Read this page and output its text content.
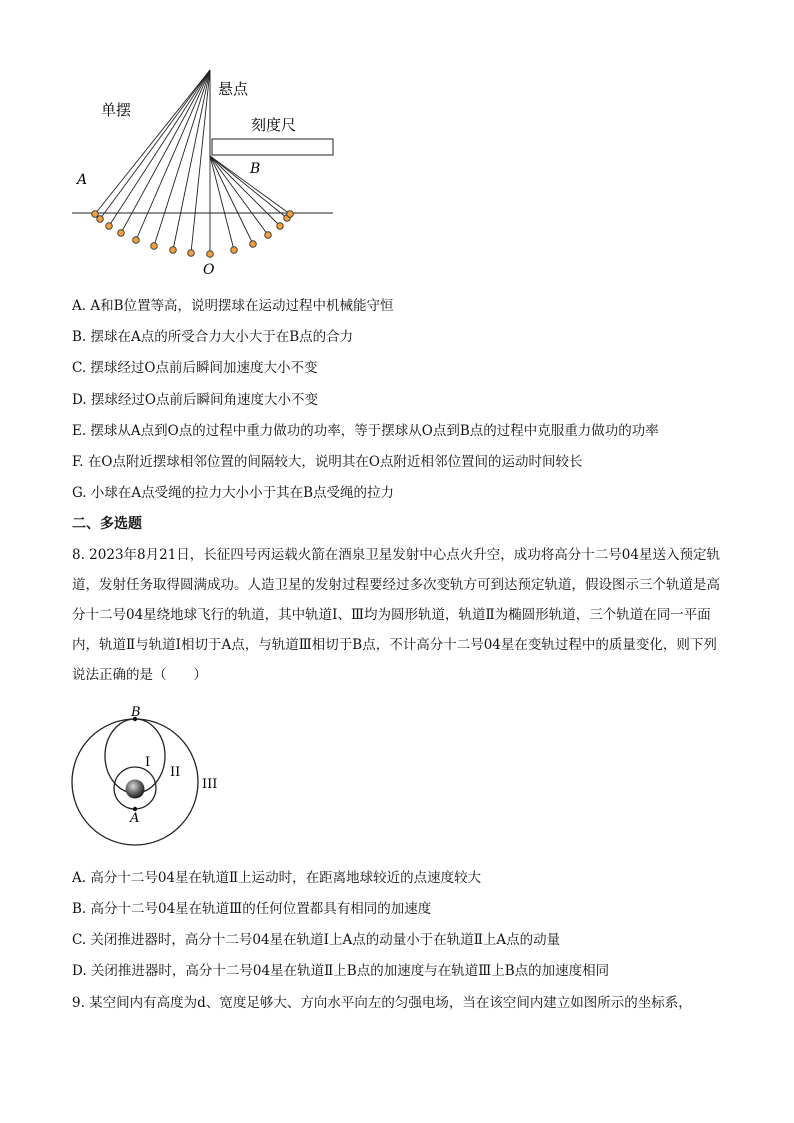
单摆
悬点
刻度尺
A
B
O
A. A和B位置等高，说明摆球在运动过程中机械能守恒
B. 摆球在A点的所受合力大小大于在B点的合力
C. 摆球经过O点前后瞬间加速度大小不变
D. 摆球经过O点前后瞬间角速度大小不变
E. 摆球从A点到O点的过程中重力做功的功率，等于摆球从O点到B点的过程中克服重力做功的功率
F. 在O点附近摆球相邻位置的间隔较大，说明其在O点附近相邻位置间的运动时间较长
G. 小球在A点受绳的拉力大小小于其在B点受绳的拉力
二、多选题
8. 2023年8月21日，长征四号丙运载火箭在酒泉卫星发射中心点火升空，成功将高分十二号04星送入预定轨道，发射任务取得圆满成功。人造卫星的发射过程要经过多次变轨方可到达预定轨道，假设图示三个轨道是高分十二号04星绕地球飞行的轨道，其中轨道Ⅰ、Ⅲ均为圆形轨道，轨道Ⅱ为椭圆形轨道，三个轨道在同一平面内，轨道Ⅱ与轨道Ⅰ相切于A点，与轨道Ⅲ相切于B点，不计高分十二号04星在变轨过程中的质量变化，则下列说法正确的是（　　）
B
A
I
II
III
A. 高分十二号04星在轨道Ⅱ上运动时，在距离地球较近的点速度较大
B. 高分十二号04星在轨道Ⅲ的任何位置都具有相同的加速度
C. 关闭推进器时，高分十二号04星在轨道Ⅰ上A点的动量小于在轨道Ⅱ上A点的动量
D. 关闭推进器时，高分十二号04星在轨道Ⅱ上B点的加速度与在轨道Ⅲ上B点的加速度相同
9. 某空间内有高度为d、宽度足够大、方向水平向左的匀强电场，当在该空间内建立如图所示的坐标系，
